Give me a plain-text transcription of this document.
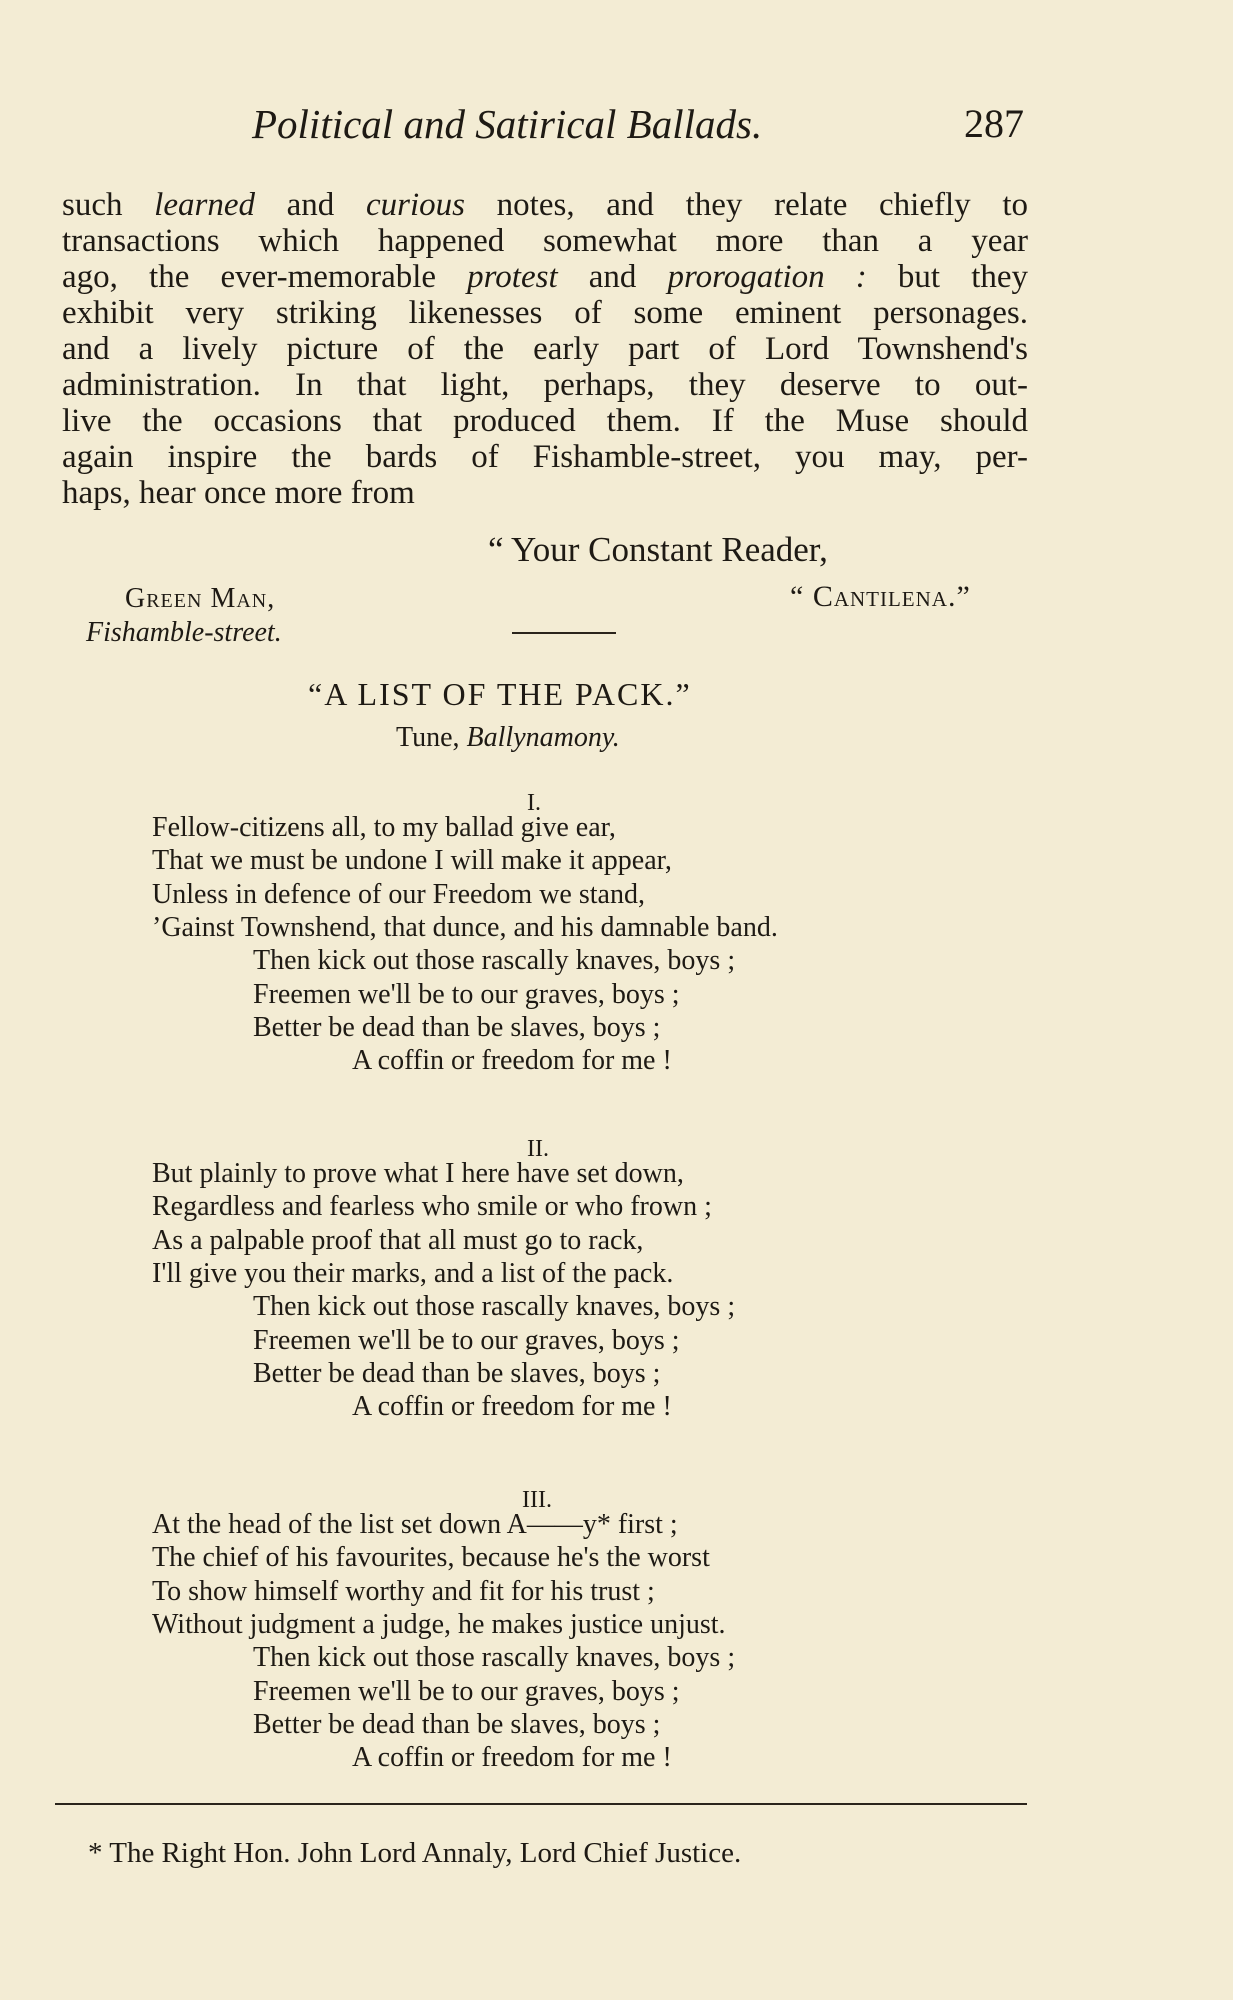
Political and Satirical Ballads.	287
such learned and curious notes, and they relate chiefly to
transactions which happened somewhat more than a year
ago, the ever-memorable protest and prorogation : but they
exhibit very striking likenesses of some eminent personages.
and a lively picture of the early part of Lord Townshend's
administration. In that light, perhaps, they deserve to out-
live the occasions that produced them. If the Muse should
again inspire the bards of Fishamble-street, you may, per-
haps, hear once more from
“ Your Constant Reader,
Green Man,
Fishamble-street.
“ Cantilena.”
“A LIST OF THE PACK.”
Tune, Ballynamony.
I.
Fellow-citizens all, to my ballad give ear,
That we must be undone I will make it appear,
Unless in defence of our Freedom we stand,
’Gainst Townshend, that dunce, and his damnable band.
Then kick out those rascally knaves, boys ;
Freemen we'll be to our graves, boys ;
Better be dead than be slaves, boys ;
A coffin or freedom for me !
II.
But plainly to prove what I here have set down,
Regardless and fearless who smile or who frown ;
As a palpable proof that all must go to rack,
I'll give you their marks, and a list of the pack.
Then kick out those rascally knaves, boys ;
Freemen we'll be to our graves, boys ;
Better be dead than be slaves, boys ;
A coffin or freedom for me !
III.
At the head of the list set down A——y* first ;
The chief of his favourites, because he's the worst
To show himself worthy and fit for his trust ;
Without judgment a judge, he makes justice unjust.
Then kick out those rascally knaves, boys ;
Freemen we'll be to our graves, boys ;
Better be dead than be slaves, boys ;
A coffin or freedom for me !
* The Right Hon. John Lord Annaly, Lord Chief Justice.
